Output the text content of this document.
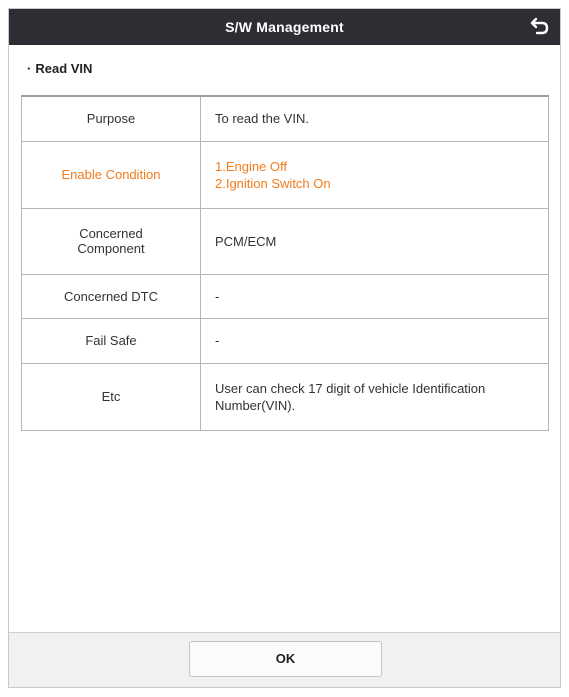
S/W Management
· Read VIN
Purpose	To read the VIN.

Enable Condition	1.Engine Off
2.Ignition Switch On

Concerned
Component	PCM/ECM

Concerned DTC	-

Fail Safe	-

Etc	User can check 17 digit of vehicle Identification
Number(VIN).
OK
